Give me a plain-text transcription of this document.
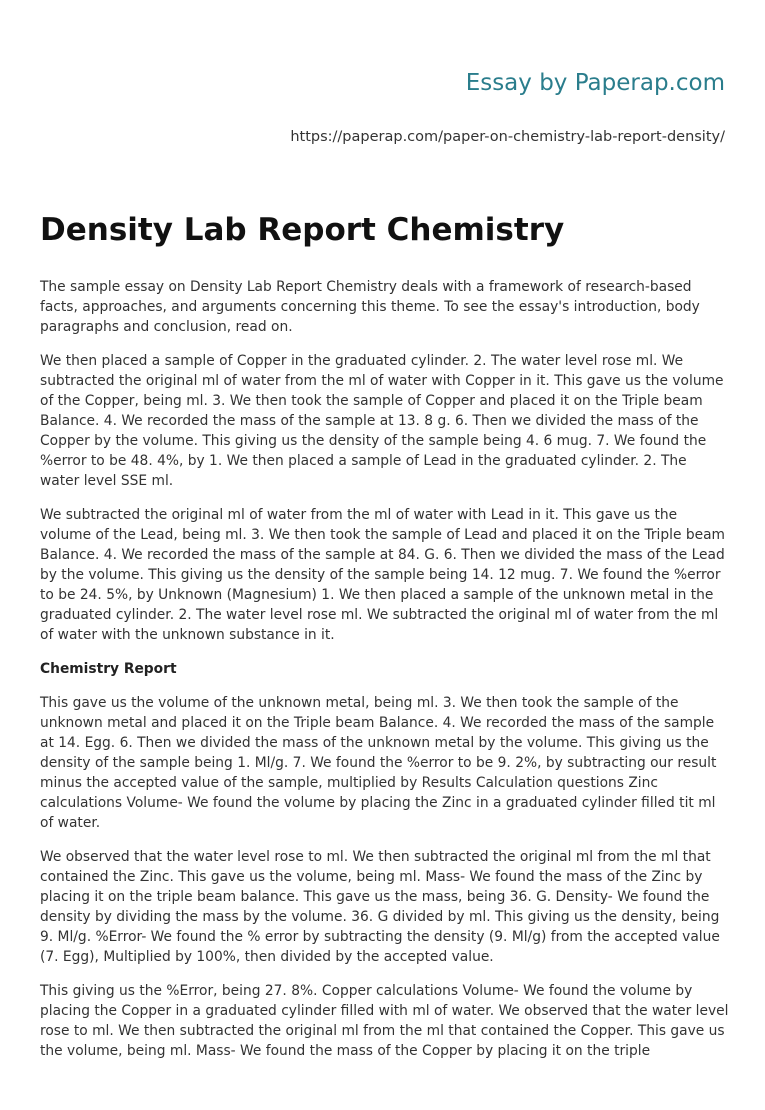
Essay by Paperap.com
https://paperap.com/paper-on-chemistry-lab-report-density/
Density Lab Report Chemistry

The sample essay on Density Lab Report Chemistry deals with a framework of research-based facts, approaches, and arguments concerning this theme. To see the essay's introduction, body paragraphs and conclusion, read on.

We then placed a sample of Copper in the graduated cylinder. 2. The water level rose ml. We subtracted the original ml of water from the ml of water with Copper in it. This gave us the volume of the Copper, being ml. 3. We then took the sample of Copper and placed it on the Triple beam Balance. 4. We recorded the mass of the sample at 13. 8 g. 6. Then we divided the mass of the Copper by the volume. This giving us the density of the sample being 4. 6 mug. 7. We found the %error to be 48. 4%, by 1. We then placed a sample of Lead in the graduated cylinder. 2. The water level SSE ml.

We subtracted the original ml of water from the ml of water with Lead in it. This gave us the volume of the Lead, being ml. 3. We then took the sample of Lead and placed it on the Triple beam Balance. 4. We recorded the mass of the sample at 84. G. 6. Then we divided the mass of the Lead by the volume. This giving us the density of the sample being 14. 12 mug. 7. We found the %error to be 24. 5%, by Unknown (Magnesium) 1. We then placed a sample of the unknown metal in the graduated cylinder. 2. The water level rose ml. We subtracted the original ml of water from the ml of water with the unknown substance in it.

Chemistry Report

This gave us the volume of the unknown metal, being ml. 3. We then took the sample of the unknown metal and placed it on the Triple beam Balance. 4. We recorded the mass of the sample at 14. Egg. 6. Then we divided the mass of the unknown metal by the volume. This giving us the density of the sample being 1. Ml/g. 7. We found the %error to be 9. 2%, by subtracting our result minus the accepted value of the sample, multiplied by Results Calculation questions Zinc calculations Volume- We found the volume by placing the Zinc in a graduated cylinder filled tit ml of water.

We observed that the water level rose to ml. We then subtracted the original ml from the ml that contained the Zinc. This gave us the volume, being ml. Mass- We found the mass of the Zinc by placing it on the triple beam balance. This gave us the mass, being 36. G. Density- We found the density by dividing the mass by the volume. 36. G divided by ml. This giving us the density, being 9. Ml/g. %Error- We found the % error by subtracting the density (9. Ml/g) from the accepted value (7. Egg), Multiplied by 100%, then divided by the accepted value.

This giving us the %Error, being 27. 8%. Copper calculations Volume- We found the volume by placing the Copper in a graduated cylinder filled with ml of water. We observed that the water level rose to ml. We then subtracted the original ml from the ml that contained the Copper. This gave us the volume, being ml. Mass- We found the mass of the Copper by placing it on the triple
